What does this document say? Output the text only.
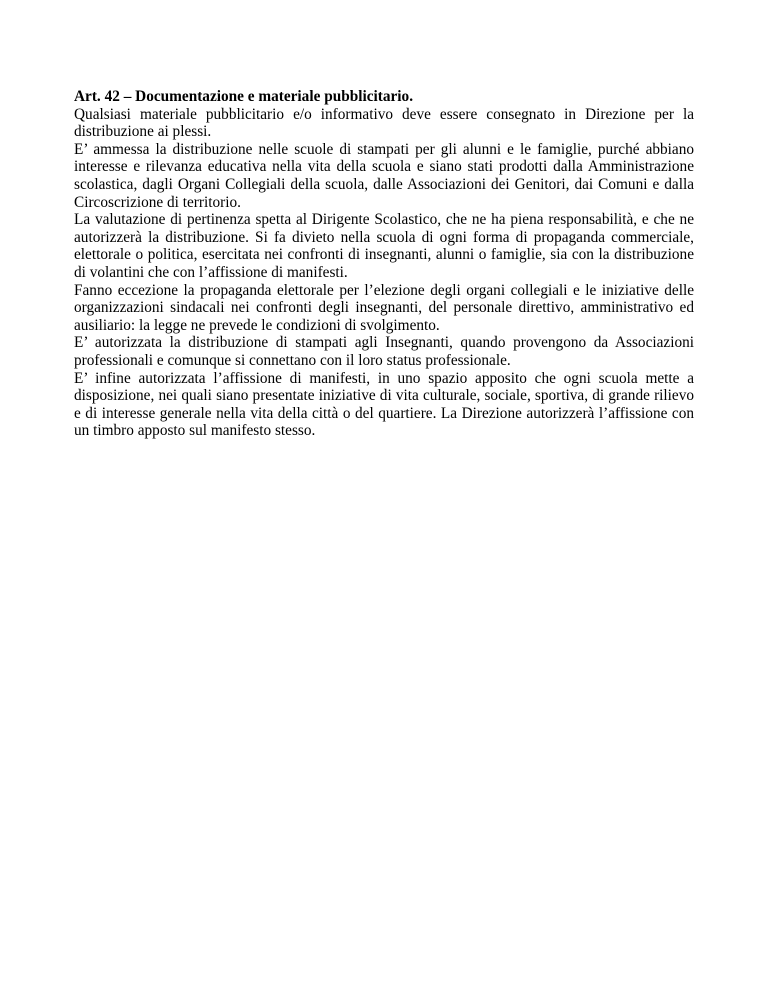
Art. 42 – Documentazione e materiale pubblicitario.

Qualsiasi materiale pubblicitario e/o informativo deve essere consegnato in Direzione per la distribuzione ai plessi.

E’ ammessa la distribuzione nelle scuole di stampati per gli alunni e le famiglie, purché abbiano interesse e rilevanza educativa nella vita della scuola e siano stati prodotti dalla Amministrazione scolastica, dagli Organi Collegiali della scuola, dalle Associazioni dei Genitori, dai Comuni e dalla Circoscrizione di territorio.

La valutazione di pertinenza spetta al Dirigente Scolastico, che ne ha piena responsabilità, e che ne autorizzerà la distribuzione. Si fa divieto nella scuola di ogni forma di propaganda commerciale, elettorale o politica, esercitata nei confronti di insegnanti, alunni o famiglie, sia con la distribuzione di volantini che con l’affissione di manifesti.

Fanno eccezione la propaganda elettorale per l’elezione degli organi collegiali e le iniziative delle organizzazioni sindacali nei confronti degli insegnanti, del personale direttivo, amministrativo ed ausiliario: la legge ne prevede le condizioni di svolgimento.

E’ autorizzata la distribuzione di stampati agli Insegnanti, quando provengono da Associazioni professionali e comunque si connettano con il loro status professionale.

E’ infine autorizzata l’affissione di manifesti, in uno spazio apposito che ogni scuola mette a disposizione, nei quali siano presentate iniziative di vita culturale, sociale, sportiva, di grande rilievo e di interesse generale nella vita della città o del quartiere. La Direzione autorizzerà l’affissione con un timbro apposto sul manifesto stesso.
